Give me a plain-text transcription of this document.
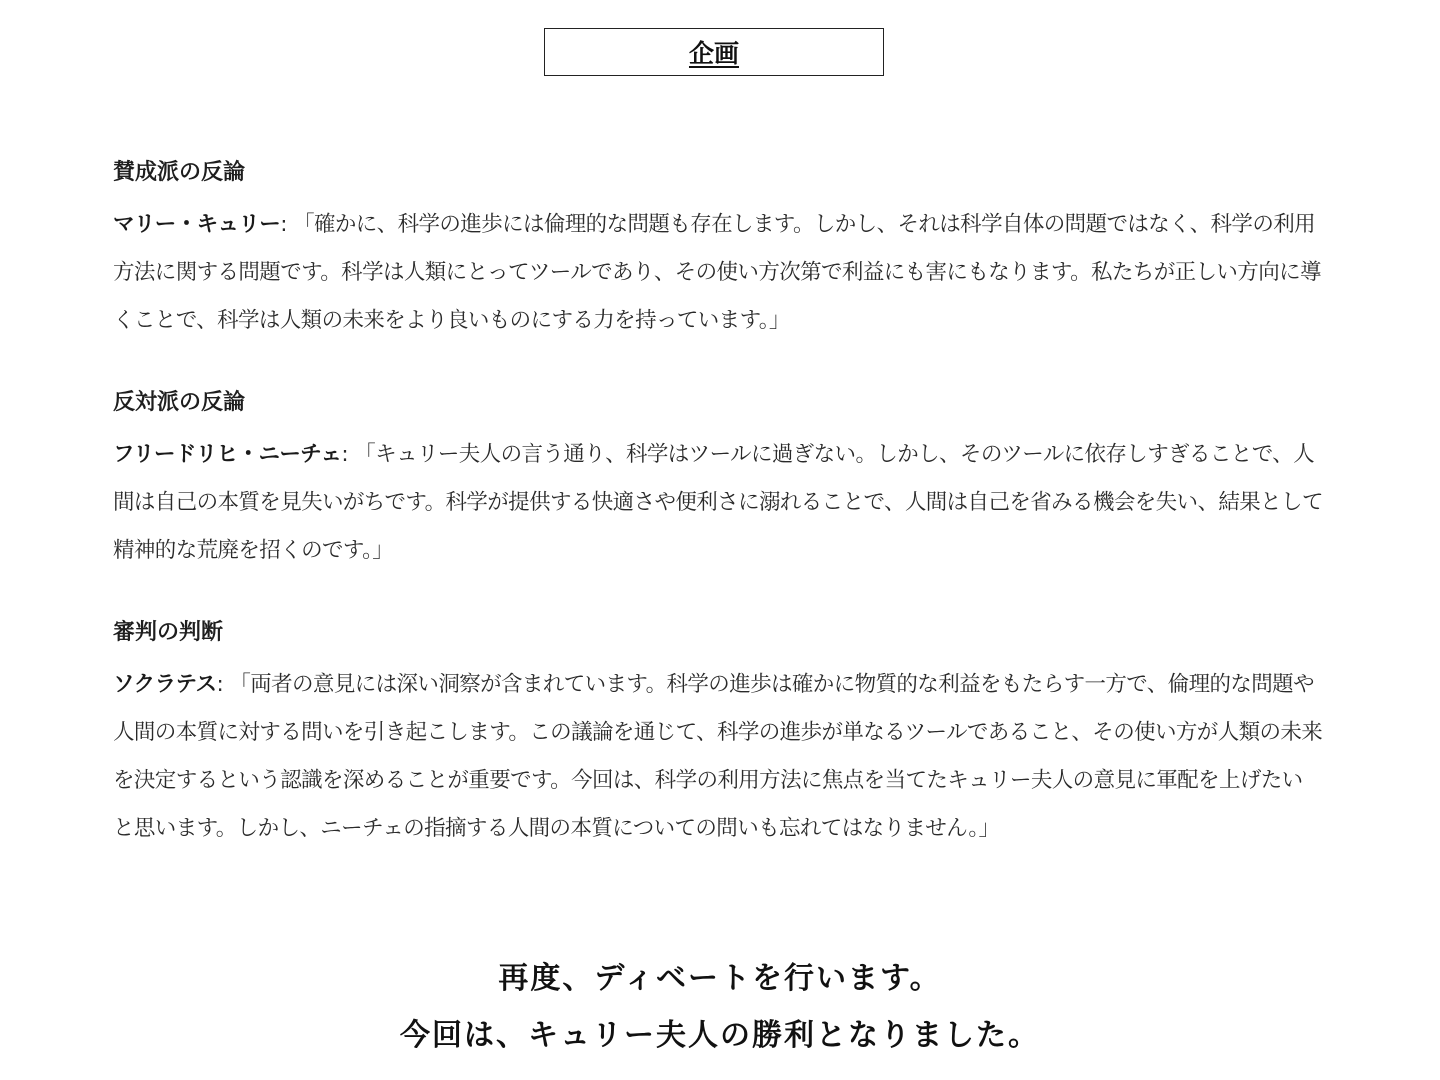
企画

賛成派の反論

マリー・キュリー: 「確かに、科学の進歩には倫理的な問題も存在します。しかし、それは科学自体の問題ではなく、科学の利用方法に関する問題です。科学は人類にとってツールであり、その使い方次第で利益にも害にもなります。私たちが正しい方向に導くことで、科学は人類の未来をより良いものにする力を持っています。」

反対派の反論

フリードリヒ・ニーチェ: 「キュリー夫人の言う通り、科学はツールに過ぎない。しかし、そのツールに依存しすぎることで、人間は自己の本質を見失いがちです。科学が提供する快適さや便利さに溺れることで、人間は自己を省みる機会を失い、結果として精神的な荒廃を招くのです。」

審判の判断

ソクラテス: 「両者の意見には深い洞察が含まれています。科学の進歩は確かに物質的な利益をもたらす一方で、倫理的な問題や人間の本質に対する問いを引き起こします。この議論を通じて、科学の進歩が単なるツールであること、その使い方が人類の未来を決定するという認識を深めることが重要です。今回は、科学の利用方法に焦点を当てたキュリー夫人の意見に軍配を上げたいと思います。しかし、ニーチェの指摘する人間の本質についての問いも忘れてはなりません。」

再度、ディベートを行います。
今回は、キュリー夫人の勝利となりました。
